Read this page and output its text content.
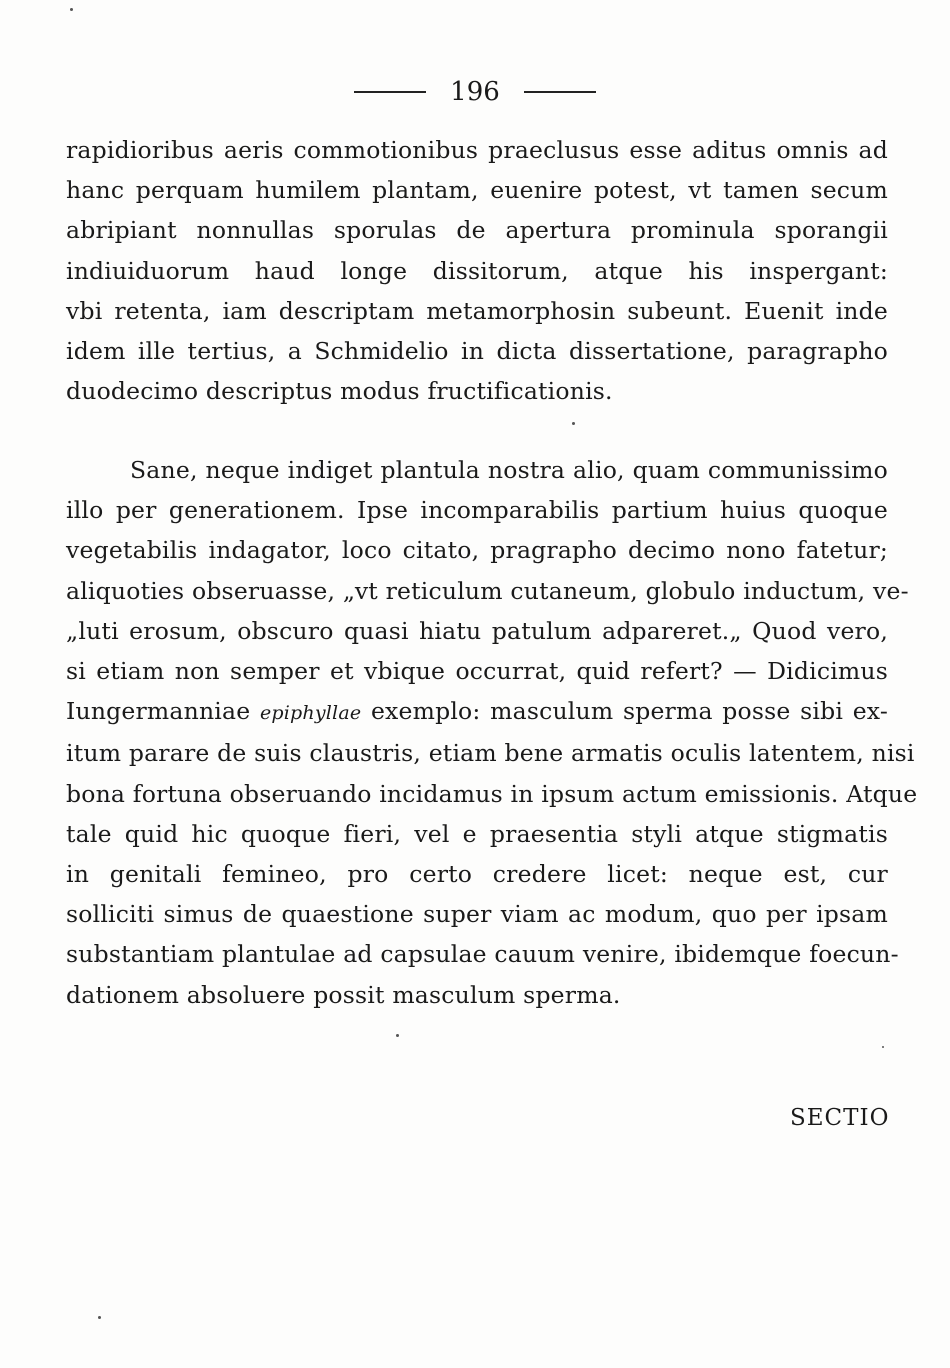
196
rapidioribus aeris commotionibus praeclusus esse aditus omnis ad
hanc perquam humilem plantam, euenire potest, vt tamen secum
abripiant nonnullas sporulas de apertura prominula sporangii
indiuiduorum haud longe dissitorum, atque his inspergant:
vbi retenta, iam descriptam metamorphosin subeunt. Euenit inde
idem ille tertius, a Schmidelio in dicta dissertatione, paragrapho
duodecimo descriptus modus fructificationis.
Sane, neque indiget plantula nostra alio, quam communissimo
illo per generationem. Ipse incomparabilis partium huius quoque
vegetabilis indagator, loco citato, pragrapho decimo nono fatetur;
aliquoties obseruasse, „vt reticulum cutaneum, globulo inductum, ve-
„luti erosum, obscuro quasi hiatu patulum adpareret.„ Quod vero,
si etiam non semper et vbique occurrat, quid refert? — Didicimus
Iungermanniae epiphyllae exemplo: masculum sperma posse sibi ex-
itum parare de suis claustris, etiam bene armatis oculis latentem, nisi
bona fortuna obseruando incidamus in ipsum actum emissionis. Atque
tale quid hic quoque fieri, vel e praesentia styli atque stigmatis
in genitali femineo, pro certo credere licet: neque est, cur
solliciti simus de quaestione super viam ac modum, quo per ipsam
substantiam plantulae ad capsulae cauum venire, ibidemque foecun-
dationem absoluere possit masculum sperma.
SECTIO
